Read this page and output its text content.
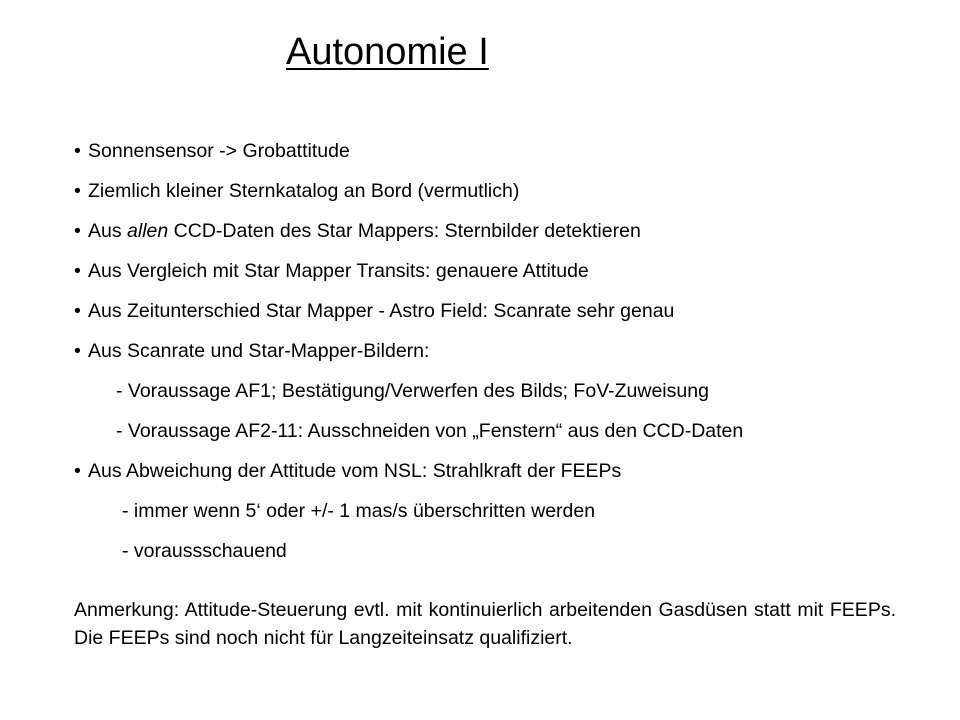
Autonomie I
• Sonnensensor -> Grobattitude
• Ziemlich kleiner Sternkatalog an Bord (vermutlich)
• Aus allen CCD-Daten des Star Mappers: Sternbilder detektieren
• Aus Vergleich mit Star Mapper Transits: genauere Attitude
• Aus Zeitunterschied Star Mapper - Astro Field: Scanrate sehr genau
• Aus Scanrate und Star-Mapper-Bildern:
- Voraussage AF1; Bestätigung/Verwerfen des Bilds; FoV-Zuweisung
- Voraussage AF2-11: Ausschneiden von „Fenstern“ aus den CCD-Daten
• Aus Abweichung der Attitude vom NSL: Strahlkraft der FEEPs
- immer wenn 5‘ oder +/- 1 mas/s überschritten werden
- voraussschauend
Anmerkung: Attitude-Steuerung evtl. mit kontinuierlich arbeitenden Gasdüsen statt mit FEEPs. Die FEEPs sind noch nicht für Langzeiteinsatz qualifiziert.
